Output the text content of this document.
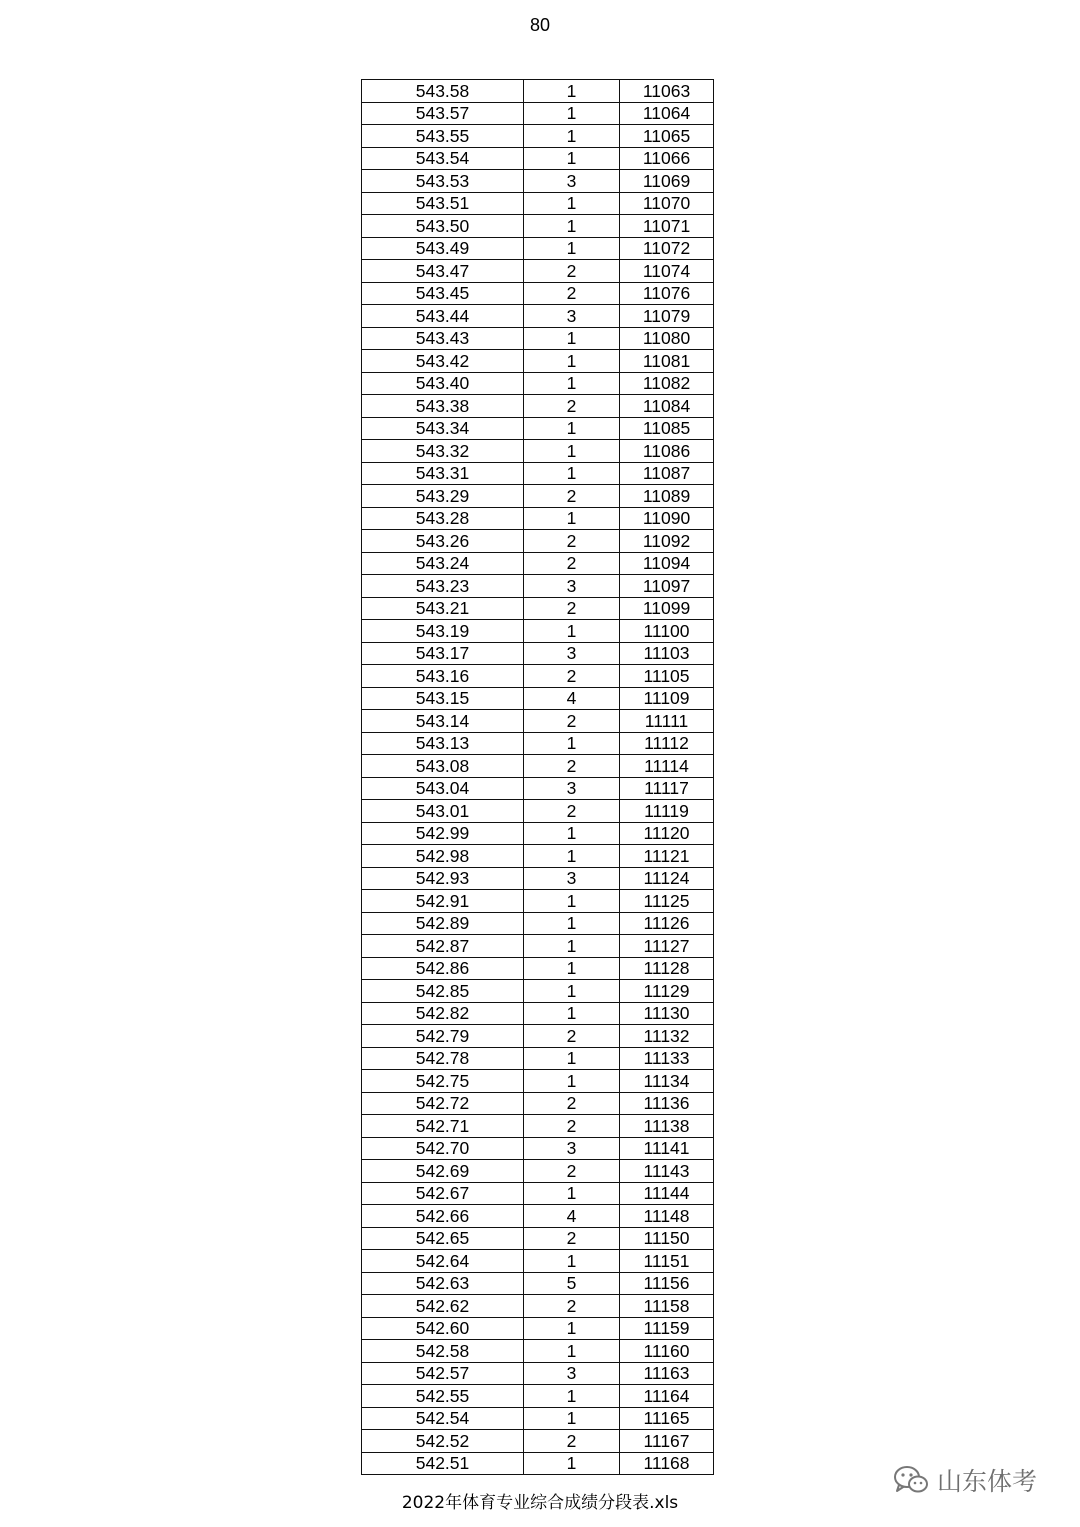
80
543.58	1	11063
543.57	1	11064
543.55	1	11065
543.54	1	11066
543.53	3	11069
543.51	1	11070
543.50	1	11071
543.49	1	11072
543.47	2	11074
543.45	2	11076
543.44	3	11079
543.43	1	11080
543.42	1	11081
543.40	1	11082
543.38	2	11084
543.34	1	11085
543.32	1	11086
543.31	1	11087
543.29	2	11089
543.28	1	11090
543.26	2	11092
543.24	2	11094
543.23	3	11097
543.21	2	11099
543.19	1	11100
543.17	3	11103
543.16	2	11105
543.15	4	11109
543.14	2	11111
543.13	1	11112
543.08	2	11114
543.04	3	11117
543.01	2	11119
542.99	1	11120
542.98	1	11121
542.93	3	11124
542.91	1	11125
542.89	1	11126
542.87	1	11127
542.86	1	11128
542.85	1	11129
542.82	1	11130
542.79	2	11132
542.78	1	11133
542.75	1	11134
542.72	2	11136
542.71	2	11138
542.70	3	11141
542.69	2	11143
542.67	1	11144
542.66	4	11148
542.65	2	11150
542.64	1	11151
542.63	5	11156
542.62	2	11158
542.60	1	11159
542.58	1	11160
542.57	3	11163
542.55	1	11164
542.54	1	11165
542.52	2	11167
542.51	1	11168
山东体考
2022年体育专业综合成绩分段表.xls
